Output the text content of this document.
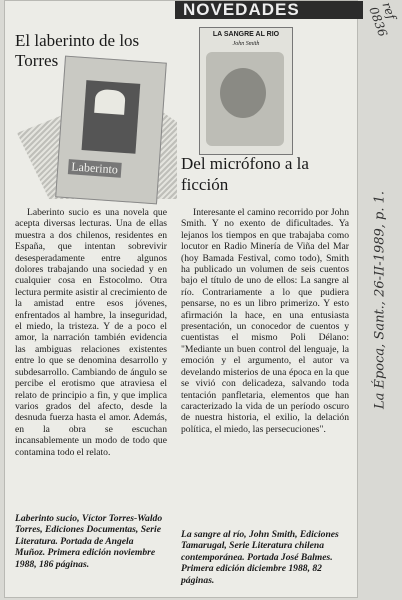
NOVEDADES
El laberinto de los Torres
Laberinto
LA SANGRE AL RIO
John Smith
Del micrófono a la ficción

Laberinto sucio es una novela que acepta diversas lecturas. Una de ellas muestra a dos chilenos, residentes en España, que intentan sobrevivir desesperadamente entre algunos dolores trabajando una sociedad y en cualquier cosa en Estocolmo. Otra lectura permite asistir al crecimiento de la amistad entre esos jóvenes, enfrentados al hambre, la inseguridad, el miedo, la tristeza. Y de a poco el amor, la narración también evidencia las ambiguas relaciones existentes entre lo que se denomina desarrollo y subdesarrollo. Cambiando de ángulo se percibe el erotismo que atraviesa el relato de principio a fin, y que implica varios grados del afecto, desde la desnuda fuerza hasta el amor. Además, en la obra se escuchan incansablemente un modo de todo que contamina todo el relato.

Laberinto sucio, Víctor Torres-Waldo Torres, Ediciones Documentas, Serie Literatura. Portada de Angela Muñoz. Primera edición noviembre 1988, 186 páginas.

Interesante el camino recorrido por John Smith. Y no exento de dificultades. Ya lejanos los tiempos en que trabajaba como locutor en Radio Minería de Viña del Mar (hoy Bamada Festival, como todo), Smith ha publicado un volumen de seis cuentos bajo el título de uno de ellos: La sangre al río. Contrariamente a lo que pudiera pensarse, no es un libro primerizo. Y esto afirmación la hace, en una entusiasta presentación, un conocedor de cuentos y cuentistas el mismo Poli Délano: "Mediante un buen control del lenguaje, la emoción y el argumento, el autor va develando misterios de una época en la que se vivió con delicadeza, salvando toda tentación panfletaria, elementos que han caracterizado la vida de un período oscuro de nuestra historia, el exilio, la delación política, el miedo, las persecuciones".

La sangre al río, John Smith, Ediciones Tamarugal, Serie Literatura chilena contemporánea. Portada José Balmes. Primera edición diciembre 1988, 82 páginas.
ref 0836
La Época, Sant., 26-II-1989, p. 1.
